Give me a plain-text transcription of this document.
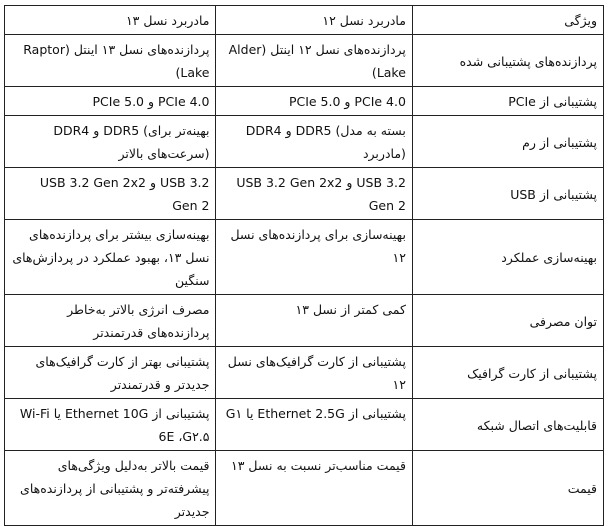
ویژگی	مادربرد نسل ۱۲	مادربرد نسل ۱۳
پردازنده‌های پشتیبانی شده	پردازنده‌های نسل ۱۲ اینتل (Alder Lake)	پردازنده‌های نسل ۱۳ اینتل (Raptor Lake)
پشتیبانی از PCIe	PCIe 5.0 و PCIe 4.0	PCIe 5.0 و PCIe 4.0
پشتیبانی از رم	DDR4 و DDR5 (بسته به مدل مادربرد)	DDR4 و DDR5 (بهینه‌تر برای سرعت‌های بالاتر)
پشتیبانی از USB	USB 3.2 Gen 2x2 و USB 3.2 Gen 2	USB 3.2 Gen 2x2 و USB 3.2 Gen 2
بهینه‌سازی عملکرد	بهینه‌سازی برای پردازنده‌های نسل ۱۲	بهینه‌سازی بیشتر برای پردازنده‌های نسل ۱۳، بهبود عملکرد در پردازش‌های سنگین
توان مصرفی	کمی کمتر از نسل ۱۳	مصرف انرژی بالاتر به‌خاطر پردازنده‌های قدرتمندتر
پشتیبانی از کارت گرافیک	پشتیبانی از کارت گرافیک‌های نسل ۱۲	پشتیبانی بهتر از کارت گرافیک‌های جدیدتر و قدرتمندتر
قابلیت‌های اتصال شبکه	پشتیبانی از Ethernet 2.5G یا G۱	پشتیبانی از Ethernet 10G یا Wi-Fi 6E ،G۲.۵
قیمت	قیمت مناسب‌تر نسبت به نسل ۱۳	قیمت بالاتر به‌دلیل ویژگی‌های پیشرفته‌تر و پشتیبانی از پردازنده‌های جدیدتر
